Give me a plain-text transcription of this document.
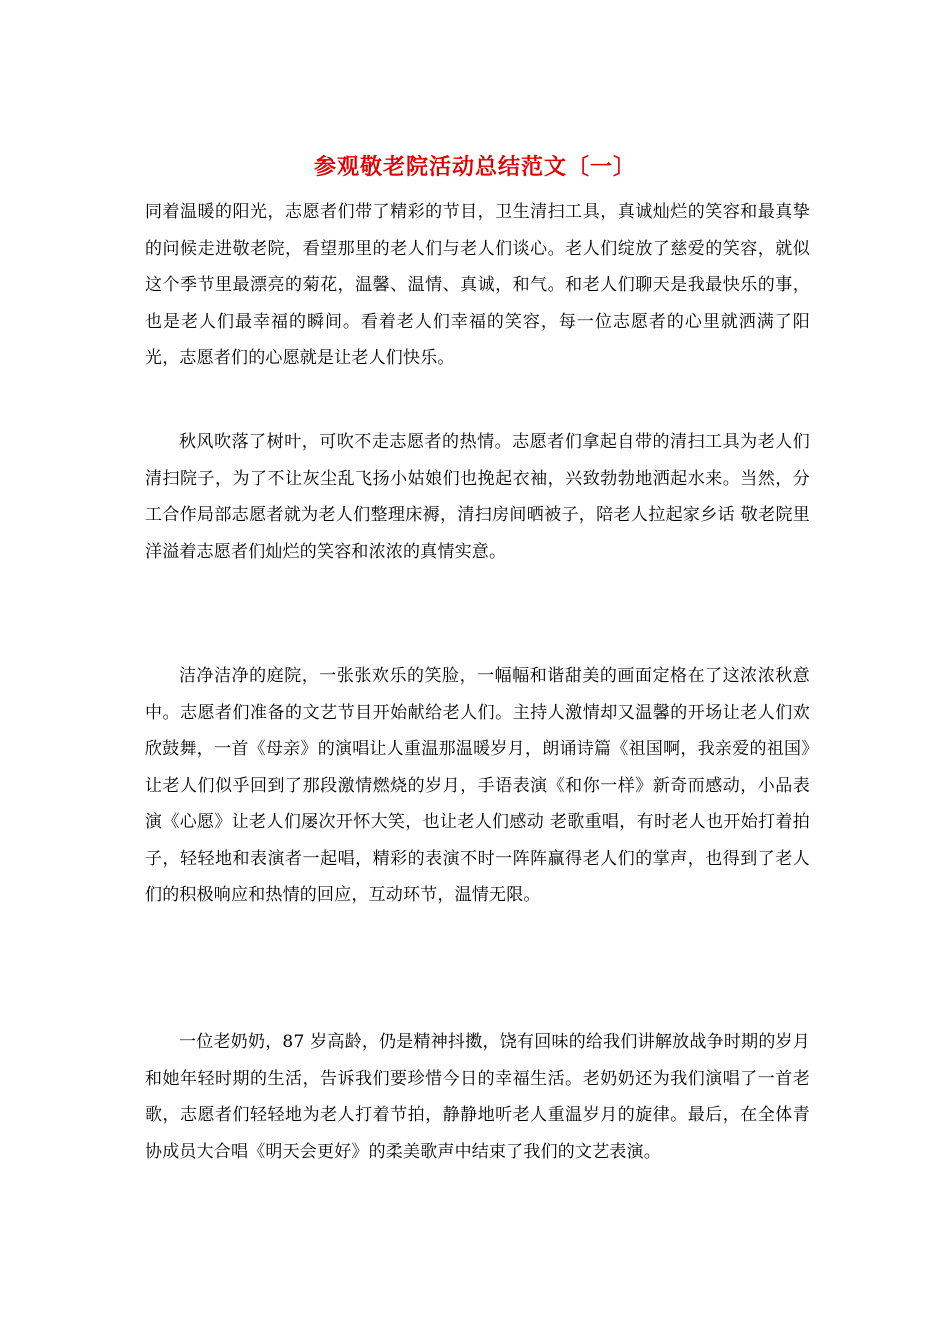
参观敬老院活动总结范文〔一〕

同着温暖的阳光，志愿者们带了精彩的节目，卫生清扫工具，真诚灿烂的笑容和最真挚的问候走进敬老院，看望那里的老人们与老人们谈心。老人们绽放了慈爱的笑容，就似这个季节里最漂亮的菊花，温馨、温情、真诚，和气。和老人们聊天是我最快乐的事，也是老人们最幸福的瞬间。看着老人们幸福的笑容，每一位志愿者的心里就洒满了阳光，志愿者们的心愿就是让老人们快乐。

秋风吹落了树叶，可吹不走志愿者的热情。志愿者们拿起自带的清扫工具为老人们清扫院子，为了不让灰尘乱飞扬小姑娘们也挽起衣袖，兴致勃勃地洒起水来。当然，分工合作局部志愿者就为老人们整理床褥，清扫房间晒被子，陪老人拉起家乡话 敬老院里洋溢着志愿者们灿烂的笑容和浓浓的真情实意。

洁净洁净的庭院，一张张欢乐的笑脸，一幅幅和谐甜美的画面定格在了这浓浓秋意中。志愿者们准备的文艺节目开始献给老人们。主持人激情却又温馨的开场让老人们欢欣鼓舞，一首《母亲》的演唱让人重温那温暖岁月，朗诵诗篇《祖国啊，我亲爱的祖国》让老人们似乎回到了那段激情燃烧的岁月，手语表演《和你一样》新奇而感动，小品表演《心愿》让老人们屡次开怀大笑，也让老人们感动 老歌重唱，有时老人也开始打着拍子，轻轻地和表演者一起唱，精彩的表演不时一阵阵赢得老人们的掌声，也得到了老人们的积极响应和热情的回应，互动环节，温情无限。

一位老奶奶，87 岁高龄，仍是精神抖擞，饶有回味的给我们讲解放战争时期的岁月和她年轻时期的生活，告诉我们要珍惜今日的幸福生活。老奶奶还为我们演唱了一首老歌，志愿者们轻轻地为老人打着节拍，静静地听老人重温岁月的旋律。最后，在全体青协成员大合唱《明天会更好》的柔美歌声中结束了我们的文艺表演。
